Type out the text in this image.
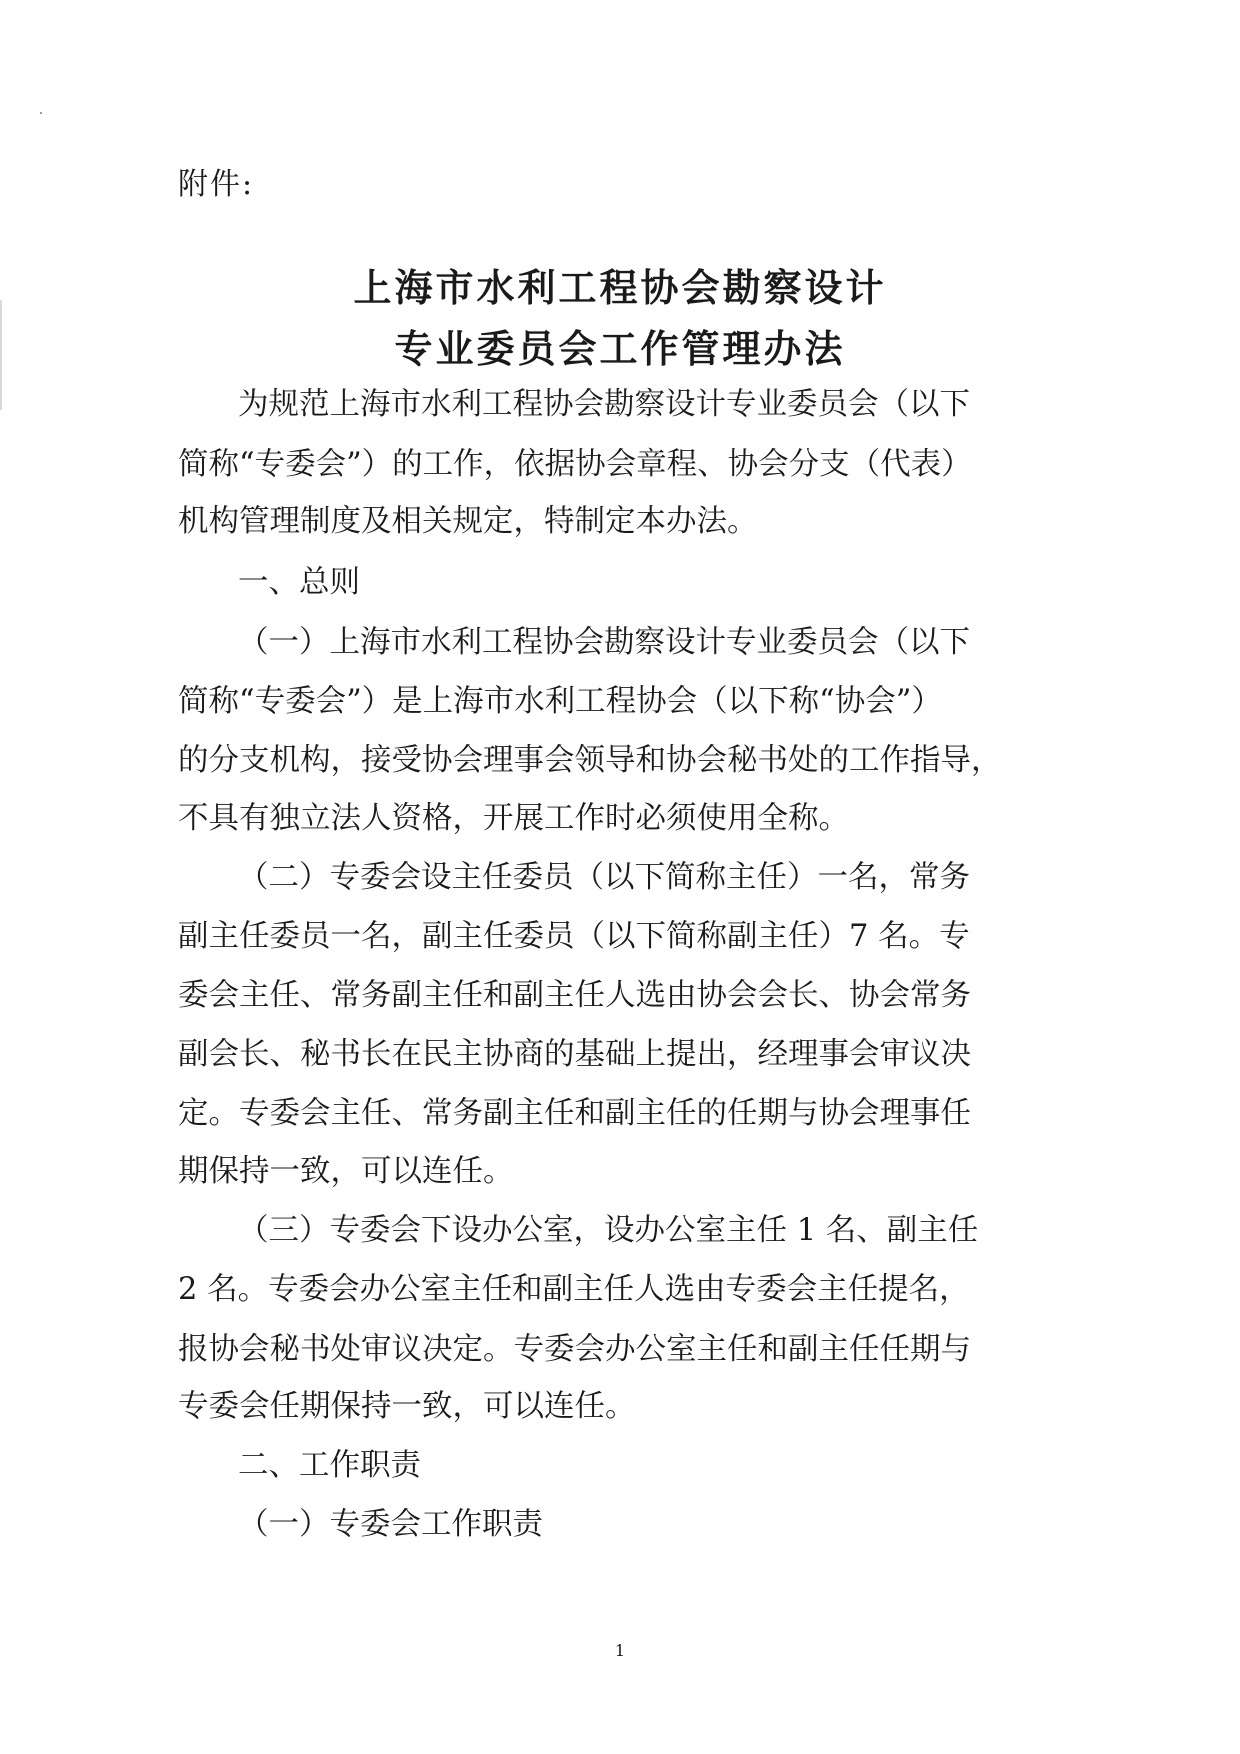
附件:
上海市水利工程协会勘察设计
专业委员会工作管理办法
为规范上海市水利工程协会勘察设计专业委员会（以下
简称“专委会”）的工作，依据协会章程、协会分支（代表）
机构管理制度及相关规定，特制定本办法。
一、总则
（一）上海市水利工程协会勘察设计专业委员会（以下
简称“专委会”）是上海市水利工程协会（以下称“协会”）
的分支机构，接受协会理事会领导和协会秘书处的工作指导，
不具有独立法人资格，开展工作时必须使用全称。
（二）专委会设主任委员（以下简称主任）一名，常务
副主任委员一名，副主任委员（以下简称副主任）7 名。专
委会主任、常务副主任和副主任人选由协会会长、协会常务
副会长、秘书长在民主协商的基础上提出，经理事会审议决
定。专委会主任、常务副主任和副主任的任期与协会理事任
期保持一致，可以连任。
（三）专委会下设办公室，设办公室主任 1 名、副主任
2 名。专委会办公室主任和副主任人选由专委会主任提名，
报协会秘书处审议决定。专委会办公室主任和副主任任期与
专委会任期保持一致，可以连任。
二、工作职责
（一）专委会工作职责
1
